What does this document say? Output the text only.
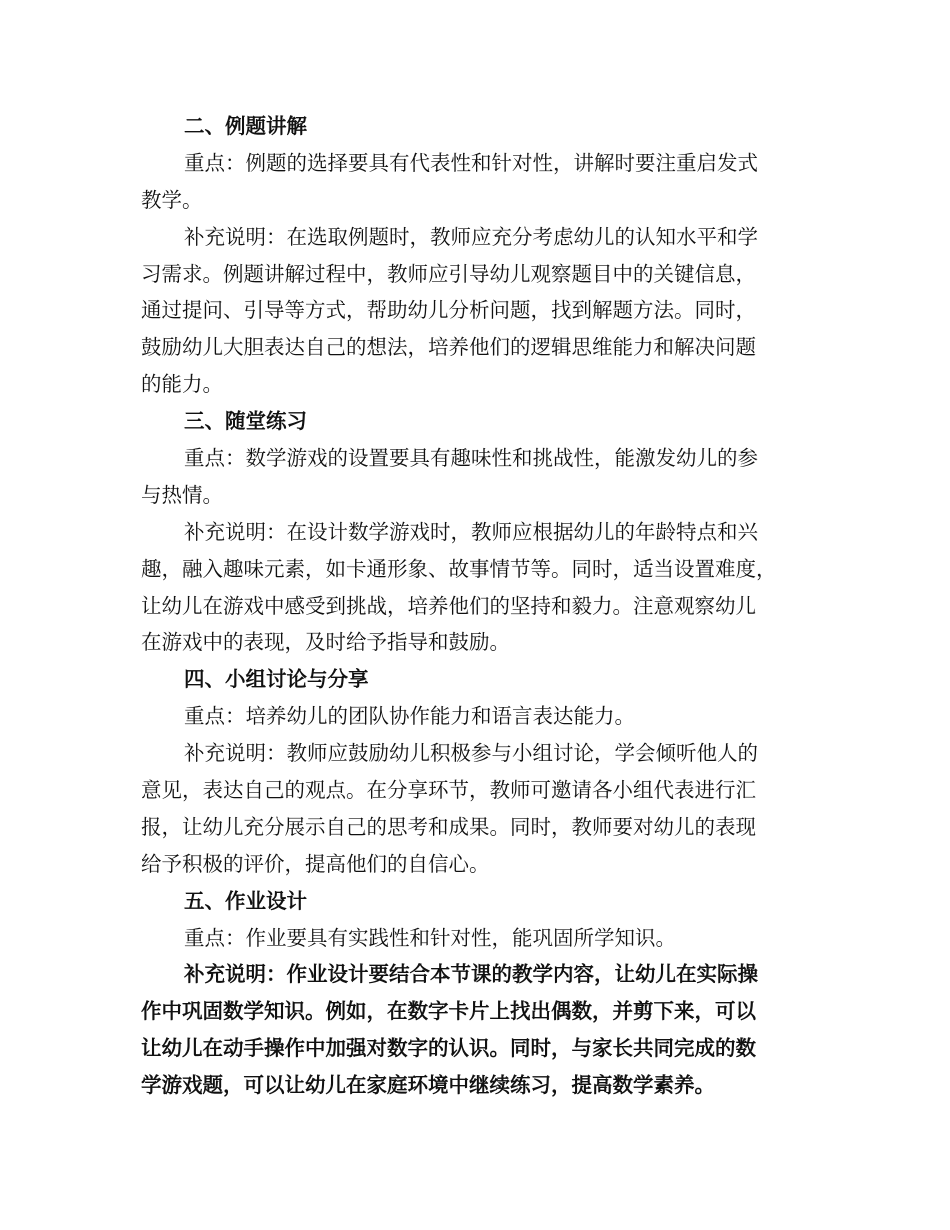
二、例题讲解
重点：例题的选择要具有代表性和针对性，讲解时要注重启发式
教学。
补充说明：在选取例题时，教师应充分考虑幼儿的认知水平和学
习需求。例题讲解过程中，教师应引导幼儿观察题目中的关键信息，
通过提问、引导等方式，帮助幼儿分析问题，找到解题方法。同时，
鼓励幼儿大胆表达自己的想法，培养他们的逻辑思维能力和解决问题
的能力。
三、随堂练习
重点：数学游戏的设置要具有趣味性和挑战性，能激发幼儿的参
与热情。
补充说明：在设计数学游戏时，教师应根据幼儿的年龄特点和兴
趣，融入趣味元素，如卡通形象、故事情节等。同时，适当设置难度，
让幼儿在游戏中感受到挑战，培养他们的坚持和毅力。注意观察幼儿
在游戏中的表现，及时给予指导和鼓励。
四、小组讨论与分享
重点：培养幼儿的团队协作能力和语言表达能力。
补充说明：教师应鼓励幼儿积极参与小组讨论，学会倾听他人的
意见，表达自己的观点。在分享环节，教师可邀请各小组代表进行汇
报，让幼儿充分展示自己的思考和成果。同时，教师要对幼儿的表现
给予积极的评价，提高他们的自信心。
五、作业设计
重点：作业要具有实践性和针对性，能巩固所学知识。
补充说明：作业设计要结合本节课的教学内容，让幼儿在实际操
作中巩固数学知识。例如，在数字卡片上找出偶数，并剪下来，可以
让幼儿在动手操作中加强对数字的认识。同时，与家长共同完成的数
学游戏题，可以让幼儿在家庭环境中继续练习，提高数学素养。
